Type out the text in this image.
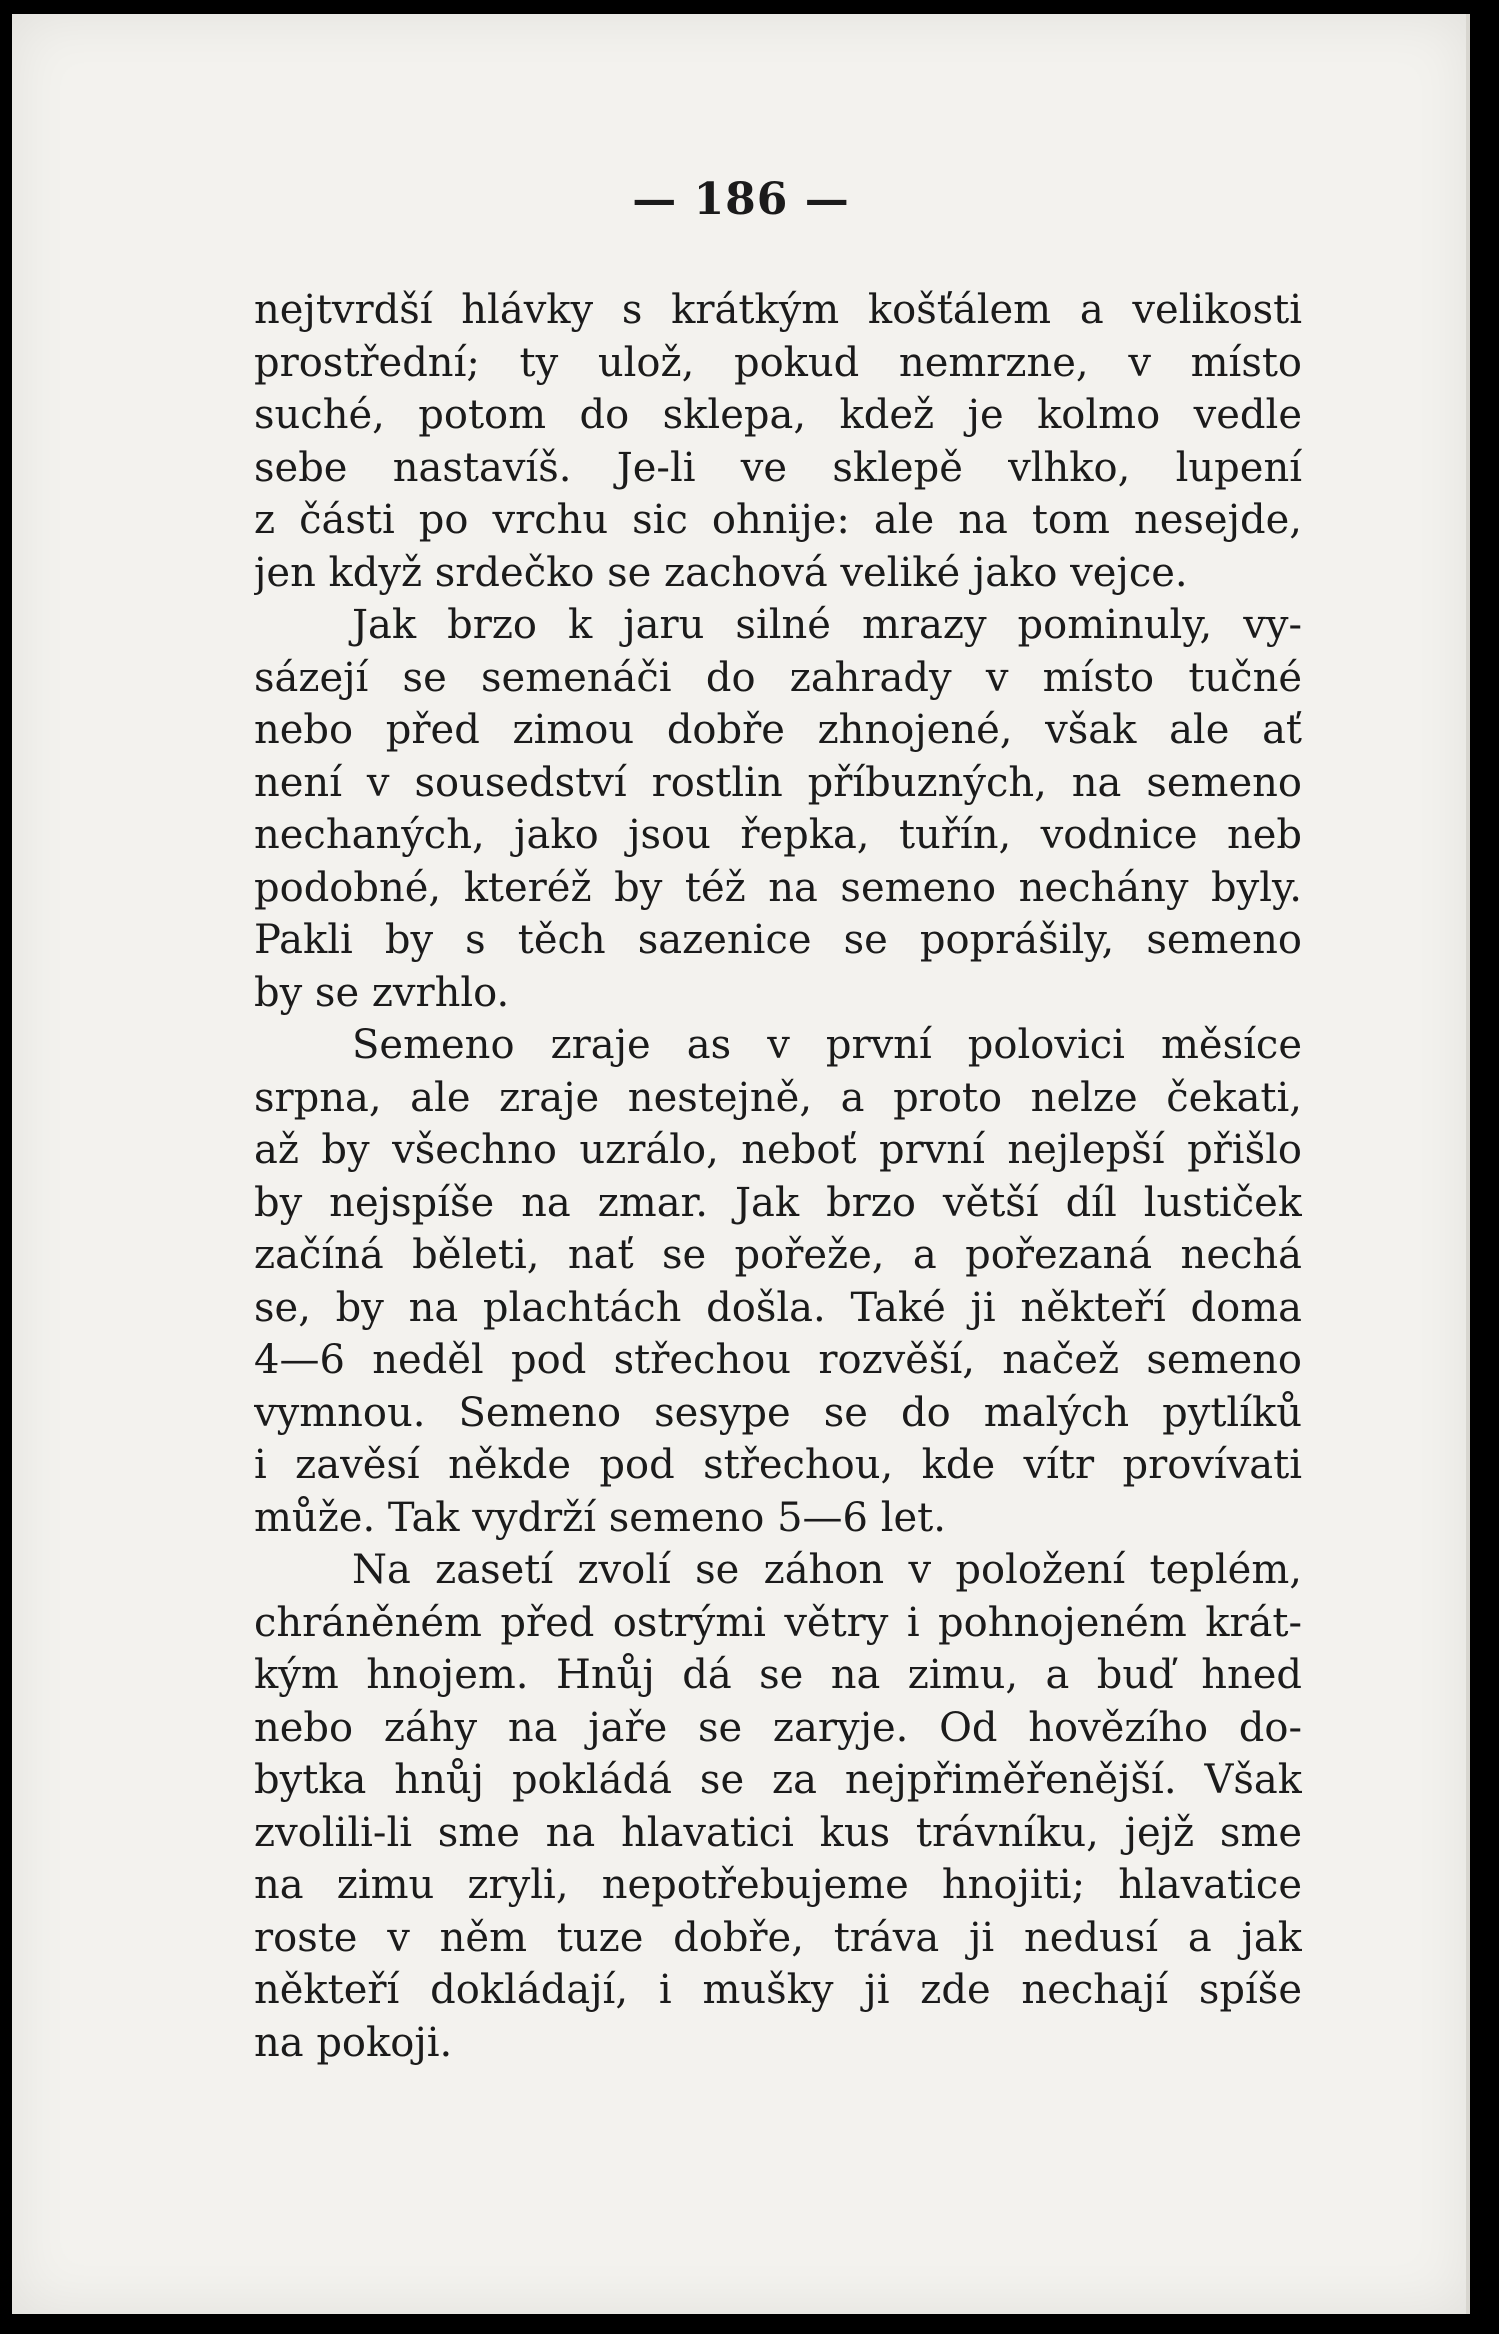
— 186 —
nejtvrdší hlávky s krátkým košťálem a velikosti
prostřední; ty ulož, pokud nemrzne, v místo
suché, potom do sklepa, kdež je kolmo vedle
sebe nastavíš. Je-li ve sklepě vlhko, lupení
z části po vrchu sic ohnije: ale na tom nesejde,
jen když srdečko se zachová veliké jako vejce.
Jak brzo k jaru silné mrazy pominuly, vy-
sázejí se semenáči do zahrady v místo tučné
nebo před zimou dobře zhnojené, však ale ať
není v sousedství rostlin příbuzných, na semeno
nechaných, jako jsou řepka, tuřín, vodnice neb
podobné, kteréž by též na semeno nechány byly.
Pakli by s těch sazenice se poprášily, semeno
by se zvrhlo.
Semeno zraje as v první polovici měsíce
srpna, ale zraje nestejně, a proto nelze čekati,
až by všechno uzrálo, neboť první nejlepší přišlo
by nejspíše na zmar. Jak brzo větší díl lustiček
začíná běleti, nať se pořeže, a pořezaná nechá
se, by na plachtách došla. Také ji někteří doma
4—6 neděl pod střechou rozvěší, načež semeno
vymnou. Semeno sesype se do malých pytlíků
i zavěsí někde pod střechou, kde vítr provívati
může. Tak vydrží semeno 5—6 let.
Na zasetí zvolí se záhon v položení teplém,
chráněném před ostrými větry i pohnojeném krát-
kým hnojem. Hnůj dá se na zimu, a buď hned
nebo záhy na jaře se zaryje. Od hovězího do-
bytka hnůj pokládá se za nejpřiměřenější. Však
zvolili-li sme na hlavatici kus trávníku, jejž sme
na zimu zryli, nepotřebujeme hnojiti; hlavatice
roste v něm tuze dobře, tráva ji nedusí a jak
někteří dokládají, i mušky ji zde nechají spíše
na pokoji.
